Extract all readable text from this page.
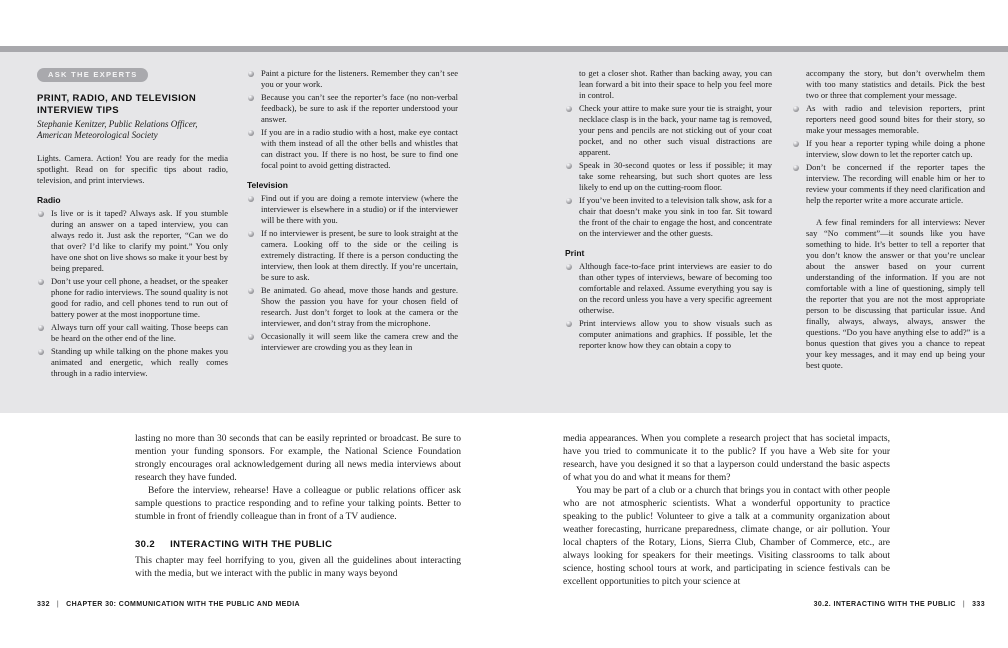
ASK THE EXPERTS
PRINT, RADIO, AND TELEVISION INTERVIEW TIPS
Stephanie Kenitzer, Public Relations Officer, American Meteorological Society
Lights. Camera. Action! You are ready for the media spotlight. Read on for specific tips about radio, television, and print interviews.
Radio
Is live or is it taped? Always ask. If you stumble during an answer on a taped interview, you can always redo it. Just ask the reporter, “Can we do that over? I’d like to clarify my point.” You only have one shot on live shows so make it your best by being prepared.
Don’t use your cell phone, a headset, or the speaker phone for radio interviews. The sound quality is not good for radio, and cell phones tend to run out of battery power at the most inopportune time.
Always turn off your call waiting. Those beeps can be heard on the other end of the line.
Standing up while talking on the phone makes you animated and energetic, which really comes through in a radio interview.
Paint a picture for the listeners. Remember they can’t see you or your work.
Because you can’t see the reporter’s face (no non-verbal feedback), be sure to ask if the reporter understood your answer.
If you are in a radio studio with a host, make eye contact with them instead of all the other bells and whistles that can distract you. If there is no host, be sure to find one focal point to avoid getting distracted.
Television
Find out if you are doing a remote interview (where the interviewer is elsewhere in a studio) or if the interviewer will be there with you.
If no interviewer is present, be sure to look straight at the camera. Looking off to the side or the ceiling is extremely distracting. If there is a person conducting the interview, then look at them directly. If you’re uncertain, be sure to ask.
Be animated. Go ahead, move those hands and gesture. Show the passion you have for your chosen field of research. Just don’t forget to look at the camera or the interviewer, and don’t stray from the microphone.
Occasionally it will seem like the camera crew and the interviewer are crowding you as they lean in
to get a closer shot. Rather than backing away, you can lean forward a bit into their space to help you feel more in control.
Check your attire to make sure your tie is straight, your necklace clasp is in the back, your name tag is removed, your pens and pencils are not sticking out of your coat pocket, and no other such visual distractions are apparent.
Speak in 30-second quotes or less if possible; it may take some rehearsing, but such short quotes are less likely to end up on the cutting-room floor.
If you’ve been invited to a television talk show, ask for a chair that doesn’t make you sink in too far. Sit toward the front of the chair to engage the host, and concentrate on the interviewer and the other guests.
Print
Although face-to-face print interviews are easier to do than other types of interviews, beware of becoming too comfortable and relaxed. Assume everything you say is on the record unless you have a very specific agreement otherwise.
Print interviews allow you to show visuals such as computer animations and graphics. If possible, let the reporter know how they can obtain a copy to
accompany the story, but don’t overwhelm them with too many statistics and details. Pick the best two or three that complement your message.
As with radio and television reporters, print reporters need good sound bites for their story, so make your messages memorable.
If you hear a reporter typing while doing a phone interview, slow down to let the reporter catch up.
Don’t be concerned if the reporter tapes the interview. The recording will enable him or her to review your comments if they need clarification and help the reporter write a more accurate article.
A few final reminders for all interviews: Never say “No comment”—it sounds like you have something to hide. It’s better to tell a reporter that you don’t know the answer or that you’re unclear about the answer based on your current understanding of the information. If you are not comfortable with a line of questioning, simply tell the reporter that you are not the most appropriate person to be discussing that particular issue. And finally, always, always, always, answer the questions. “Do you have anything else to add?” is a bonus question that gives you a chance to repeat your key messages, and it may end up being your best quote.
lasting no more than 30 seconds that can be easily reprinted or broadcast. Be sure to mention your funding sponsors. For example, the National Science Foundation strongly encourages oral acknowledgement during all news media interviews about research they have funded.
Before the interview, rehearse! Have a colleague or public relations officer ask sample questions to practice responding and to refine your talking points. Better to stumble in front of friendly colleague than in front of a TV audience.
30.2 INTERACTING WITH THE PUBLIC
This chapter may feel horrifying to you, given all the guidelines about interacting with the media, but we interact with the public in many ways beyond
media appearances. When you complete a research project that has societal impacts, have you tried to communicate it to the public? If you have a Web site for your research, have you designed it so that a layperson could understand the basic aspects of what you do and what it means for them?
You may be part of a club or a church that brings you in contact with other people who are not atmospheric scientists. What a wonderful opportunity to practice speaking to the public! Volunteer to give a talk at a community organization about weather forecasting, hurricane preparedness, climate change, or air pollution. Your local chapters of the Rotary, Lions, Sierra Club, Chamber of Commerce, etc., are always looking for speakers for their meetings. Visiting classrooms to talk about science, hosting school tours at work, and participating in science festivals can be excellent opportunities to pitch your science at
332 | CHAPTER 30: COMMUNICATION WITH THE PUBLIC AND MEDIA	30.2. INTERACTING WITH THE PUBLIC | 333
